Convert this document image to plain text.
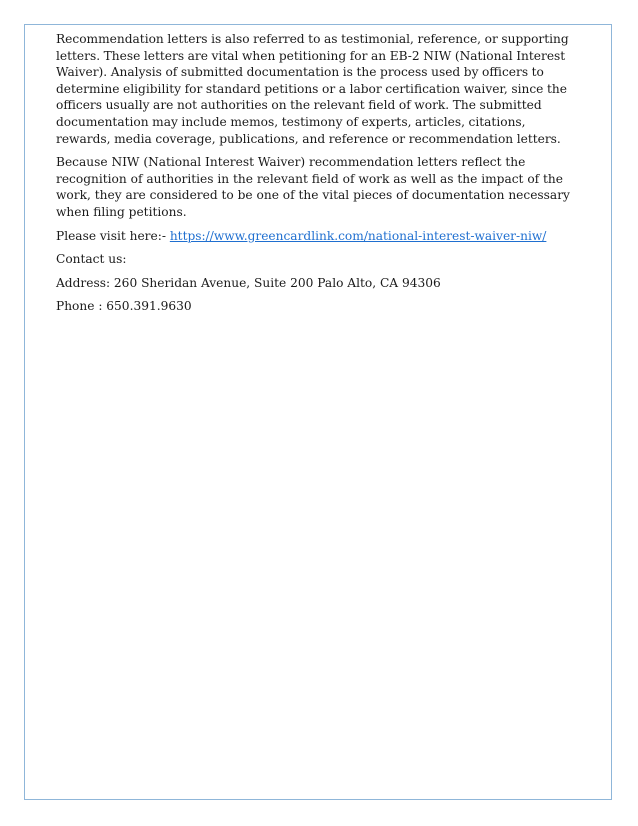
Recommendation letters is also referred to as testimonial, reference, or supporting letters. These letters are vital when petitioning for an EB-2 NIW (National Interest Waiver). Analysis of submitted documentation is the process used by officers to determine eligibility for standard petitions or a labor certification waiver, since the officers usually are not authorities on the relevant field of work. The submitted documentation may include memos, testimony of experts, articles, citations, rewards, media coverage, publications, and reference or recommendation letters.

Because NIW (National Interest Waiver) recommendation letters reflect the recognition of authorities in the relevant field of work as well as the impact of the work, they are considered to be one of the vital pieces of documentation necessary when filing petitions.

Please visit here:- https://www.greencardlink.com/national-interest-waiver-niw/

Contact us:

Address: 260 Sheridan Avenue, Suite 200 Palo Alto, CA 94306

Phone : 650.391.9630
